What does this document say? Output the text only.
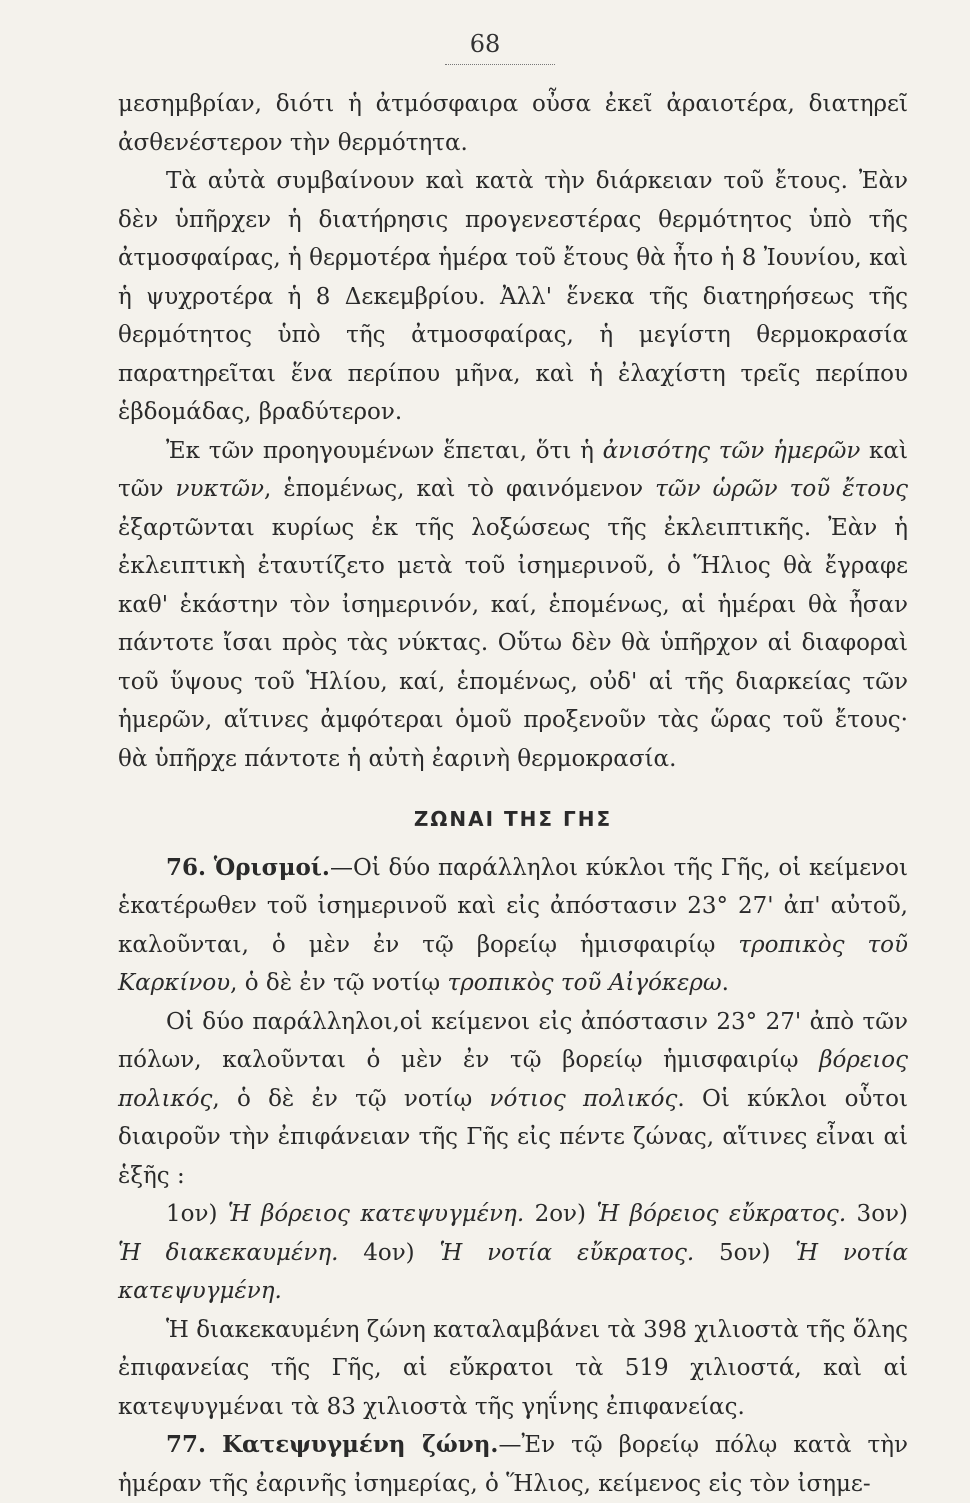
68

μεσημβρίαν, διότι ἡ ἀτμόσφαιρα οὖσα ἐκεῖ ἀραιοτέρα, διατηρεῖ ἀσθενέστερον τὴν θερμότητα.

Τὰ αὐτὰ συμβαίνουν καὶ κατὰ τὴν διάρκειαν τοῦ ἔτους. Ἐὰν δὲν ὑπῆρχεν ἡ διατήρησις προγενεστέρας θερμότητος ὑπὸ τῆς ἀτμοσφαίρας, ἡ θερμοτέρα ἡμέρα τοῦ ἔτους θὰ ἦτο ἡ 8 Ἰουνίου, καὶ ἡ ψυχροτέρα ἡ 8 Δεκεμβρίου. Ἀλλ' ἕνεκα τῆς διατηρήσεως τῆς θερμότητος ὑπὸ τῆς ἀτμοσφαίρας, ἡ μεγίστη θερμοκρασία παρατηρεῖται ἕνα περίπου μῆνα, καὶ ἡ ἐλαχίστη τρεῖς περίπου ἑβδομάδας, βραδύτερον.

Ἐκ τῶν προηγουμένων ἕπεται, ὅτι ἡ ἀνισότης τῶν ἡμερῶν καὶ τῶν νυκτῶν, ἑπομένως, καὶ τὸ φαινόμενον τῶν ὡρῶν τοῦ ἔτους ἐξαρτῶνται κυρίως ἐκ τῆς λοξώσεως τῆς ἐκλειπτικῆς. Ἐὰν ἡ ἐκλειπτικὴ ἐταυτίζετο μετὰ τοῦ ἰσημερινοῦ, ὁ Ἥλιος θὰ ἔγραφε καθ' ἑκάστην τὸν ἰσημερινόν, καί, ἑπομένως, αἱ ἡμέραι θὰ ἦσαν πάντοτε ἴσαι πρὸς τὰς νύκτας. Οὕτω δὲν θὰ ὑπῆρχον αἱ διαφοραὶ τοῦ ὕψους τοῦ Ἡλίου, καί, ἑπομένως, οὐδ' αἱ τῆς διαρκείας τῶν ἡμερῶν, αἵτινες ἀμφότεραι ὁμοῦ προξενοῦν τὰς ὥρας τοῦ ἔτους· θὰ ὑπῆρχε πάντοτε ἡ αὐτὴ ἐαρινὴ θερμοκρασία.

ΖΩΝΑΙ ΤΗΣ ΓΗΣ

76. Ὁρισμοί.—Οἱ δύο παράλληλοι κύκλοι τῆς Γῆς, οἱ κείμενοι ἑκατέρωθεν τοῦ ἰσημερινοῦ καὶ εἰς ἀπόστασιν 23° 27' ἀπ' αὐτοῦ, καλοῦνται, ὁ μὲν ἐν τῷ βορείῳ ἡμισφαιρίῳ τροπικὸς τοῦ Καρκίνου, ὁ δὲ ἐν τῷ νοτίῳ τροπικὸς τοῦ Αἰγόκερω.

Οἱ δύο παράλληλοι,οἱ κείμενοι εἰς ἀπόστασιν 23° 27' ἀπὸ τῶν πόλων, καλοῦνται ὁ μὲν ἐν τῷ βορείῳ ἡμισφαιρίῳ βόρειος πολικός, ὁ δὲ ἐν τῷ νοτίῳ νότιος πολικός. Οἱ κύκλοι οὗτοι διαιροῦν τὴν ἐπιφάνειαν τῆς Γῆς εἰς πέντε ζώνας, αἵτινες εἶναι αἱ ἑξῆς :

1ον) Ἡ βόρειος κατεψυγμένη. 2ον) Ἡ βόρειος εὔκρατος. 3ον) Ἡ διακεκαυμένη. 4ον) Ἡ νοτία εὔκρατος. 5ον) Ἡ νοτία κατεψυγμένη.

Ἡ διακεκαυμένη ζώνη καταλαμβάνει τὰ 398 χιλιοστὰ τῆς ὅλης ἐπιφανείας τῆς Γῆς, αἱ εὔκρατοι τὰ 519 χιλιοστά, καὶ αἱ κατεψυγμέναι τὰ 83 χιλιοστὰ τῆς γηΐνης ἐπιφανείας.

77. Κατεψυγμένη ζώνη.—Ἐν τῷ βορείῳ πόλῳ κατὰ τὴν ἡμέραν τῆς ἐαρινῆς ἰσημερίας, ὁ Ἥλιος, κείμενος εἰς τὸν ἰσημε-
